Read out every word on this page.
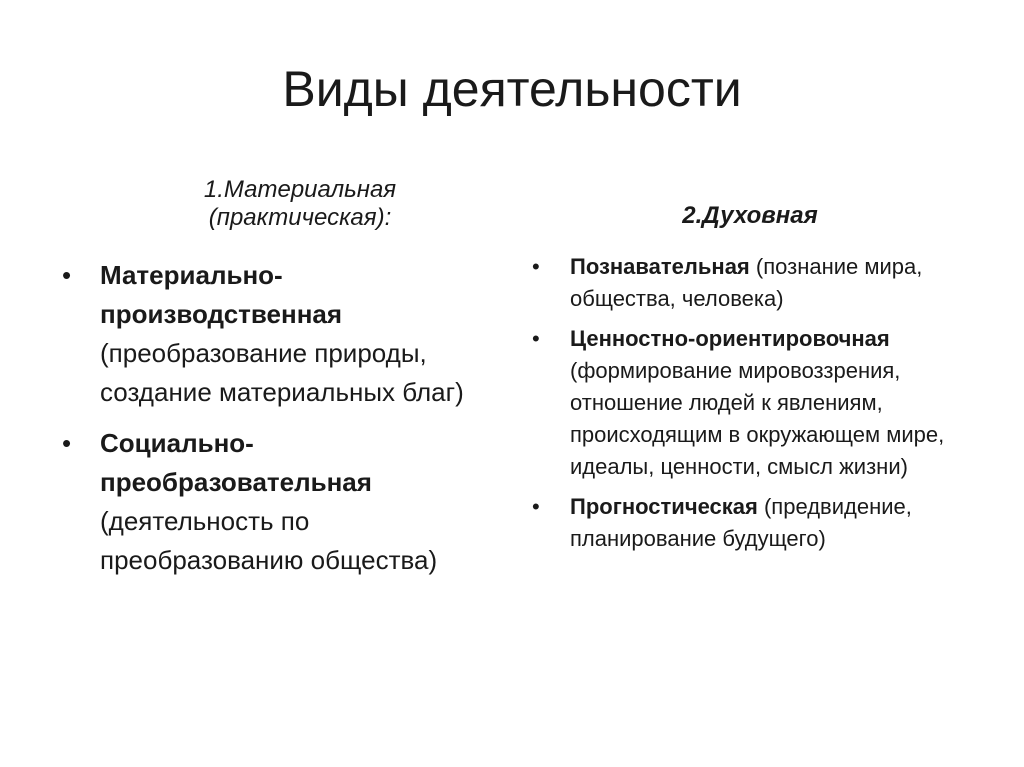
Виды деятельности
1.Материальная
(практическая):	2.Духовная
• Материально-производственная (преобразование природы, создание материальных благ)
• Социально-преобразовательная (деятельность по преобразованию общества)
• Познавательная (познание мира, общества, человека)
• Ценностно-ориентировочная (формирование мировоззрения, отношение людей к явлениям, происходящим в окружающем мире, идеалы, ценности, смысл жизни)
• Прогностическая (предвидение, планирование будущего)
